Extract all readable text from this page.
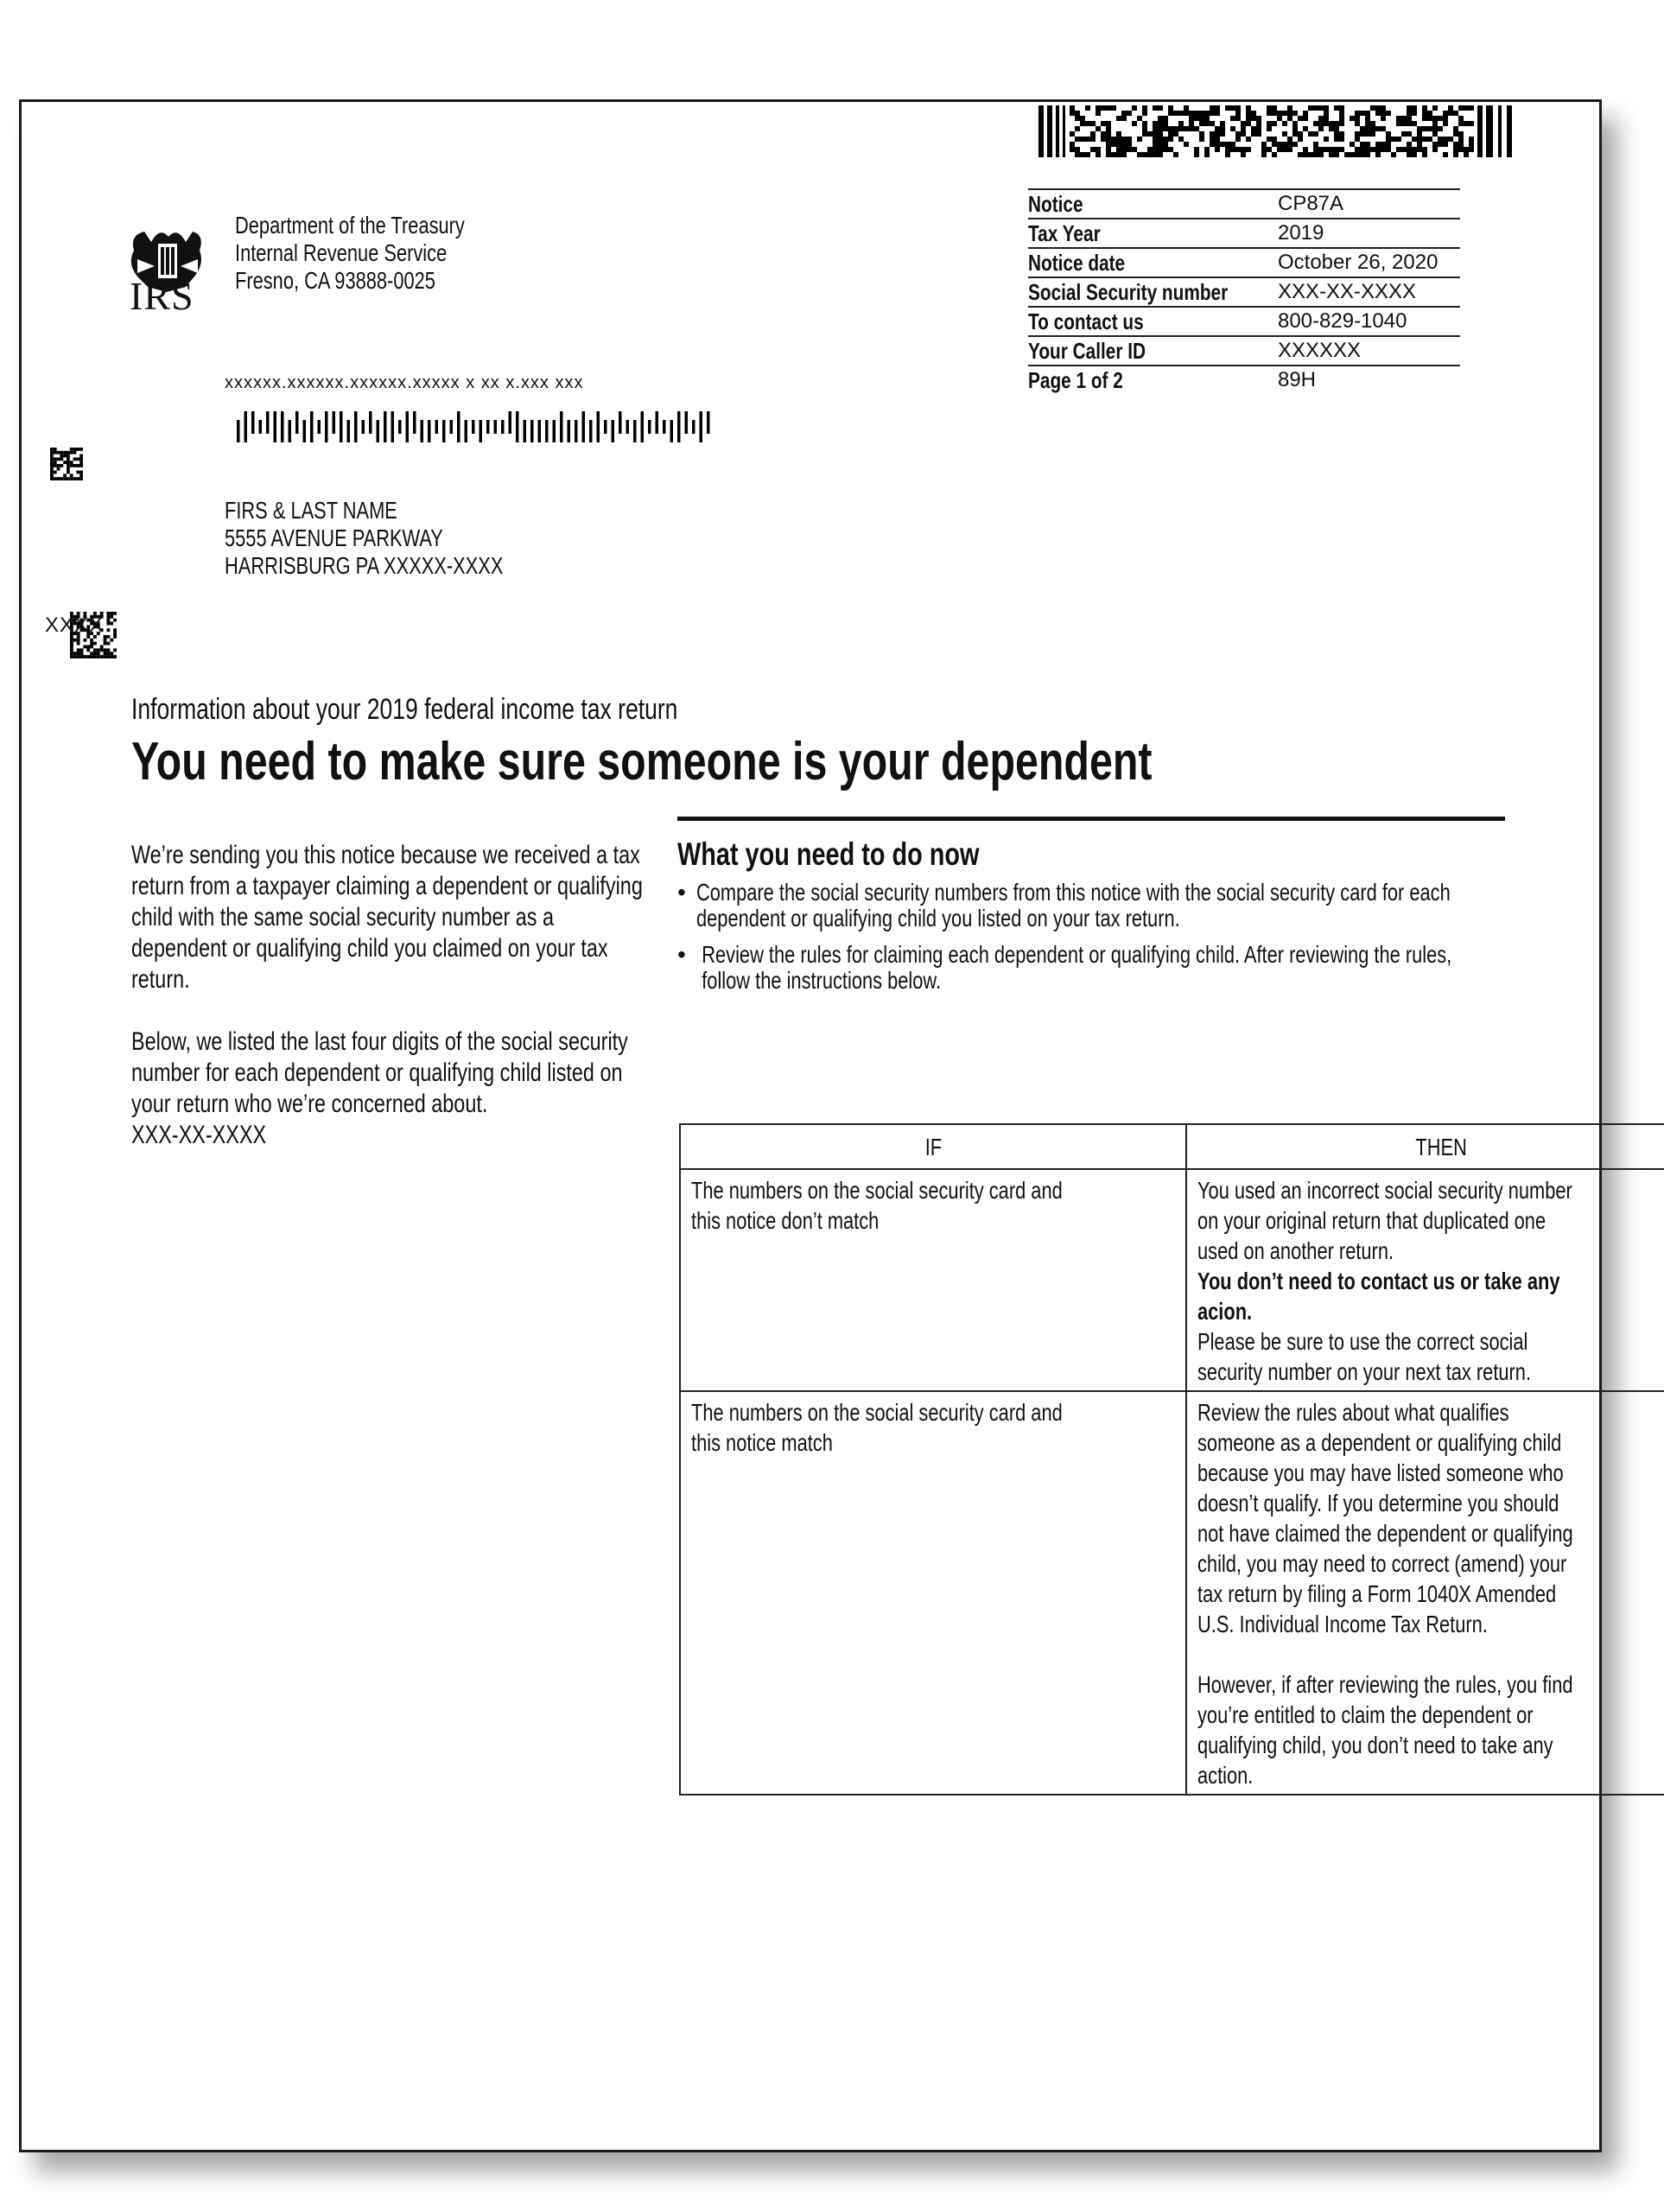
Notice	CP87A
Tax Year	2019
Notice date	October 26, 2020
Social Security number	XXX-XX-XXXX
To contact us	800-829-1040
Your Caller ID	XXXXXX
Page 1 of 2	89H
IRS
Department of the Treasury
Internal Revenue Service
Fresno, CA 93888-0025
xxxxxx.xxxxxx.xxxxxx.xxxxx x xx x.xxx xxx
FIRS & LAST NAME
5555 AVENUE PARKWAY
HARRISBURG PA XXXXX-XXXX
XXXX
Information about your 2019 federal income tax return
You need to make sure someone is your dependent

We’re sending you this notice because we received a tax return from a taxpayer claiming a dependent or qualifying child with the same social security number as a dependent or qualifying child you claimed on your tax return.

Below, we listed the last four digits of the social security number for each dependent or qualifying child listed on your return who we’re concerned about.

XXX-XX-XXXX
What you need to do now
• Compare the social security numbers from this notice with the social security card for each dependent or qualifying child you listed on your tax return.
• Review the rules for claiming each dependent or qualifying child. After reviewing the rules, follow the instructions below.
IF	THEN

The numbers on the social security card and this notice don’t match	You used an incorrect social security number on your original return that duplicated one used on another return.
You don’t need to contact us or take any acion.
Please be sure to use the correct social security number on your next tax return.

The numbers on the social security card and this notice match	Review the rules about what qualifies someone as a dependent or qualifying child because you may have listed someone who doesn’t qualify. If you determine you should not have claimed the dependent or qualifying child, you may need to correct (amend) your tax return by filing a Form 1040X Amended U.S. Individual Income Tax Return.
However, if after reviewing the rules, you find you’re entitled to claim the dependent or qualifying child, you don’t need to take any action.
